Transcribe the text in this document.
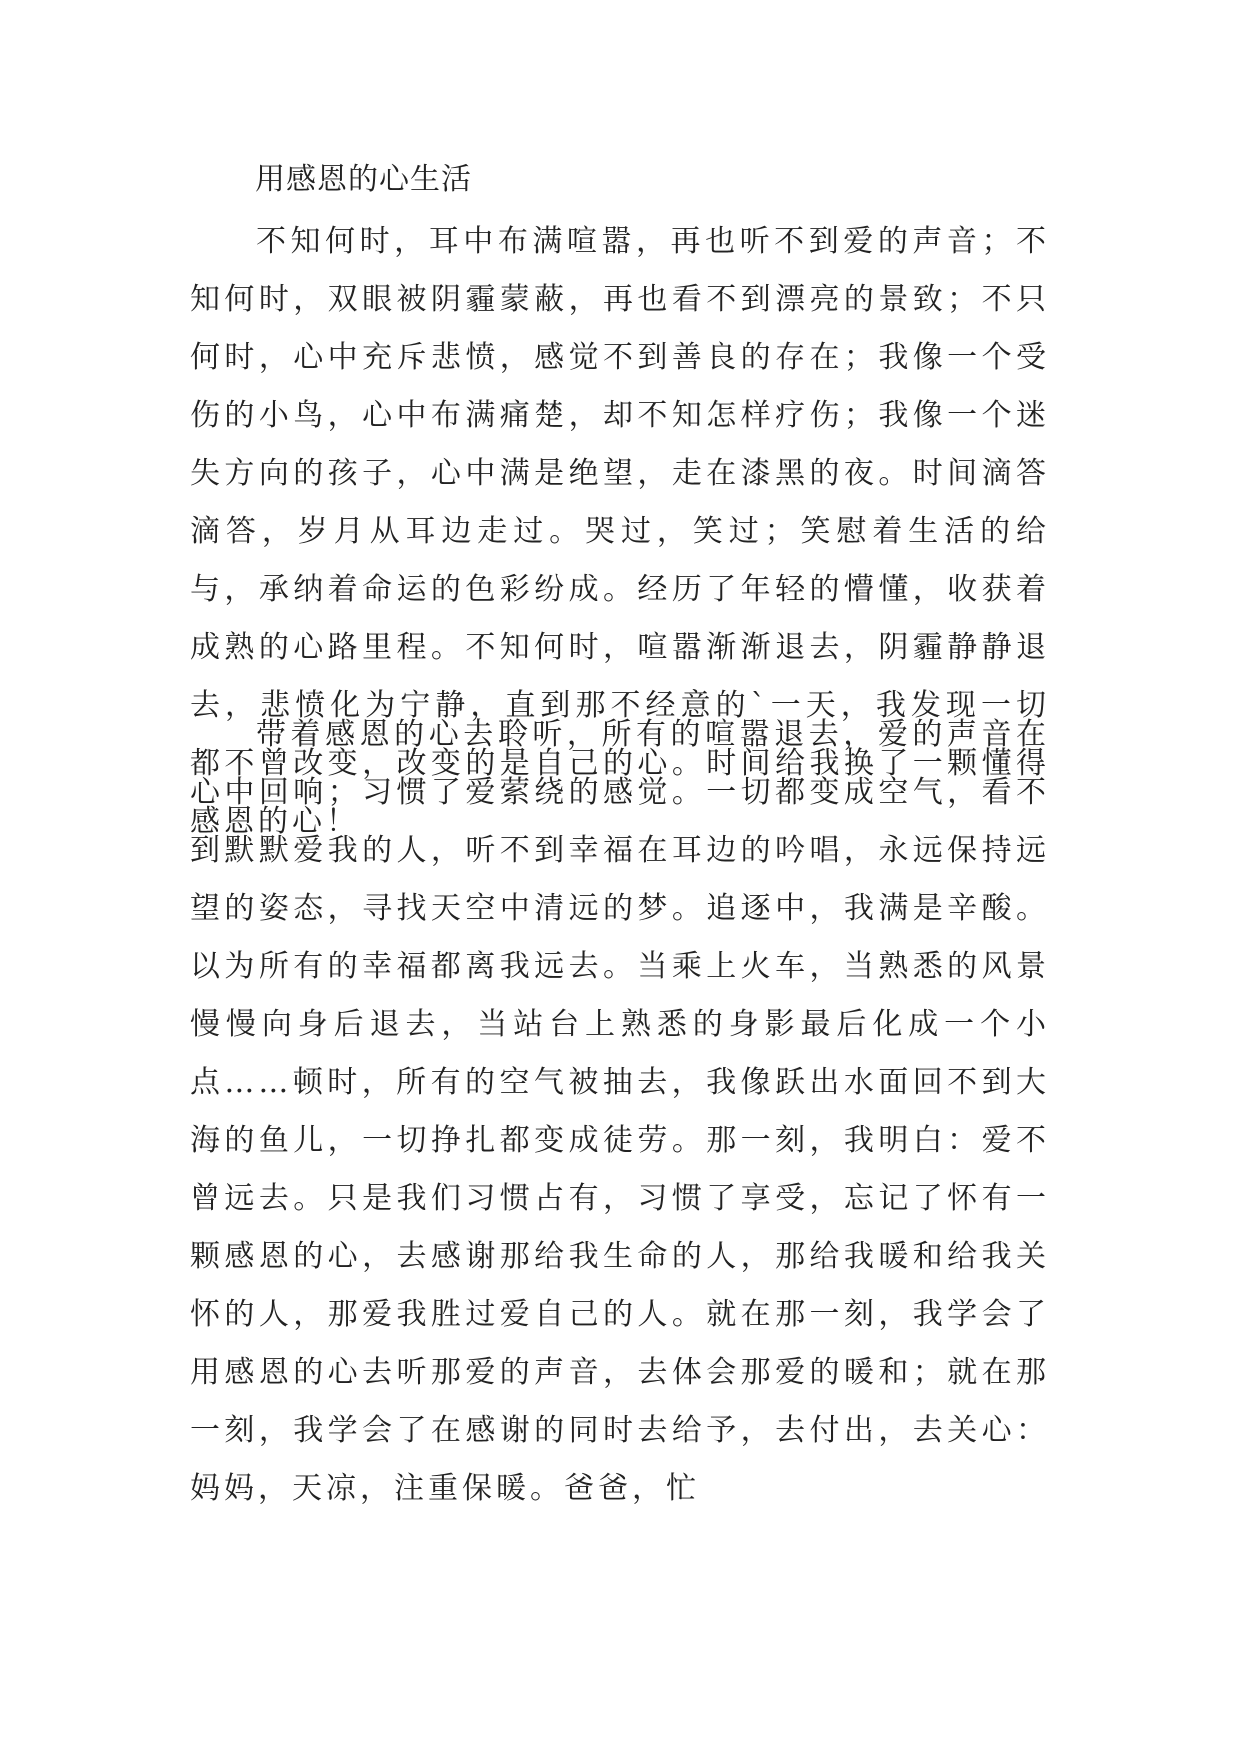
用感恩的心生活

不知何时，耳中布满喧嚣，再也听不到爱的声音；不知何时，双眼被阴霾蒙蔽，再也看不到漂亮的景致；不只何时，心中充斥悲愤，感觉不到善良的存在；我像一个受伤的小鸟，心中布满痛楚，却不知怎样疗伤；我像一个迷失方向的孩子，心中满是绝望，走在漆黑的夜。时间滴答滴答，岁月从耳边走过。哭过，笑过；笑慰着生活的给与，承纳着命运的色彩纷成。经历了年轻的懵懂，收获着成熟的心路里程。不知何时，喧嚣渐渐退去，阴霾静静退去，悲愤化为宁静，直到那不经意的`一天，我发现一切都不曾改变，改变的是自己的心。时间给我换了一颗懂得感恩的心！

带着感恩的心去聆听，所有的喧嚣退去，爱的声音在心中回响；习惯了爱萦绕的感觉。一切都变成空气，看不到默默爱我的人，听不到幸福在耳边的吟唱，永远保持远望的姿态，寻找天空中清远的梦。追逐中，我满是辛酸。以为所有的幸福都离我远去。当乘上火车，当熟悉的风景慢慢向身后退去，当站台上熟悉的身影最后化成一个小点……顿时，所有的空气被抽去，我像跃出水面回不到大海的鱼儿，一切挣扎都变成徒劳。那一刻，我明白：爱不曾远去。只是我们习惯占有，习惯了享受，忘记了怀有一颗感恩的心，去感谢那给我生命的人，那给我暖和给我关怀的人，那爱我胜过爱自己的人。就在那一刻，我学会了用感恩的心去听那爱的声音，去体会那爱的暖和；就在那一刻，我学会了在感谢的同时去给予，去付出，去关心：妈妈，天凉，注重保暖。爸爸，忙
